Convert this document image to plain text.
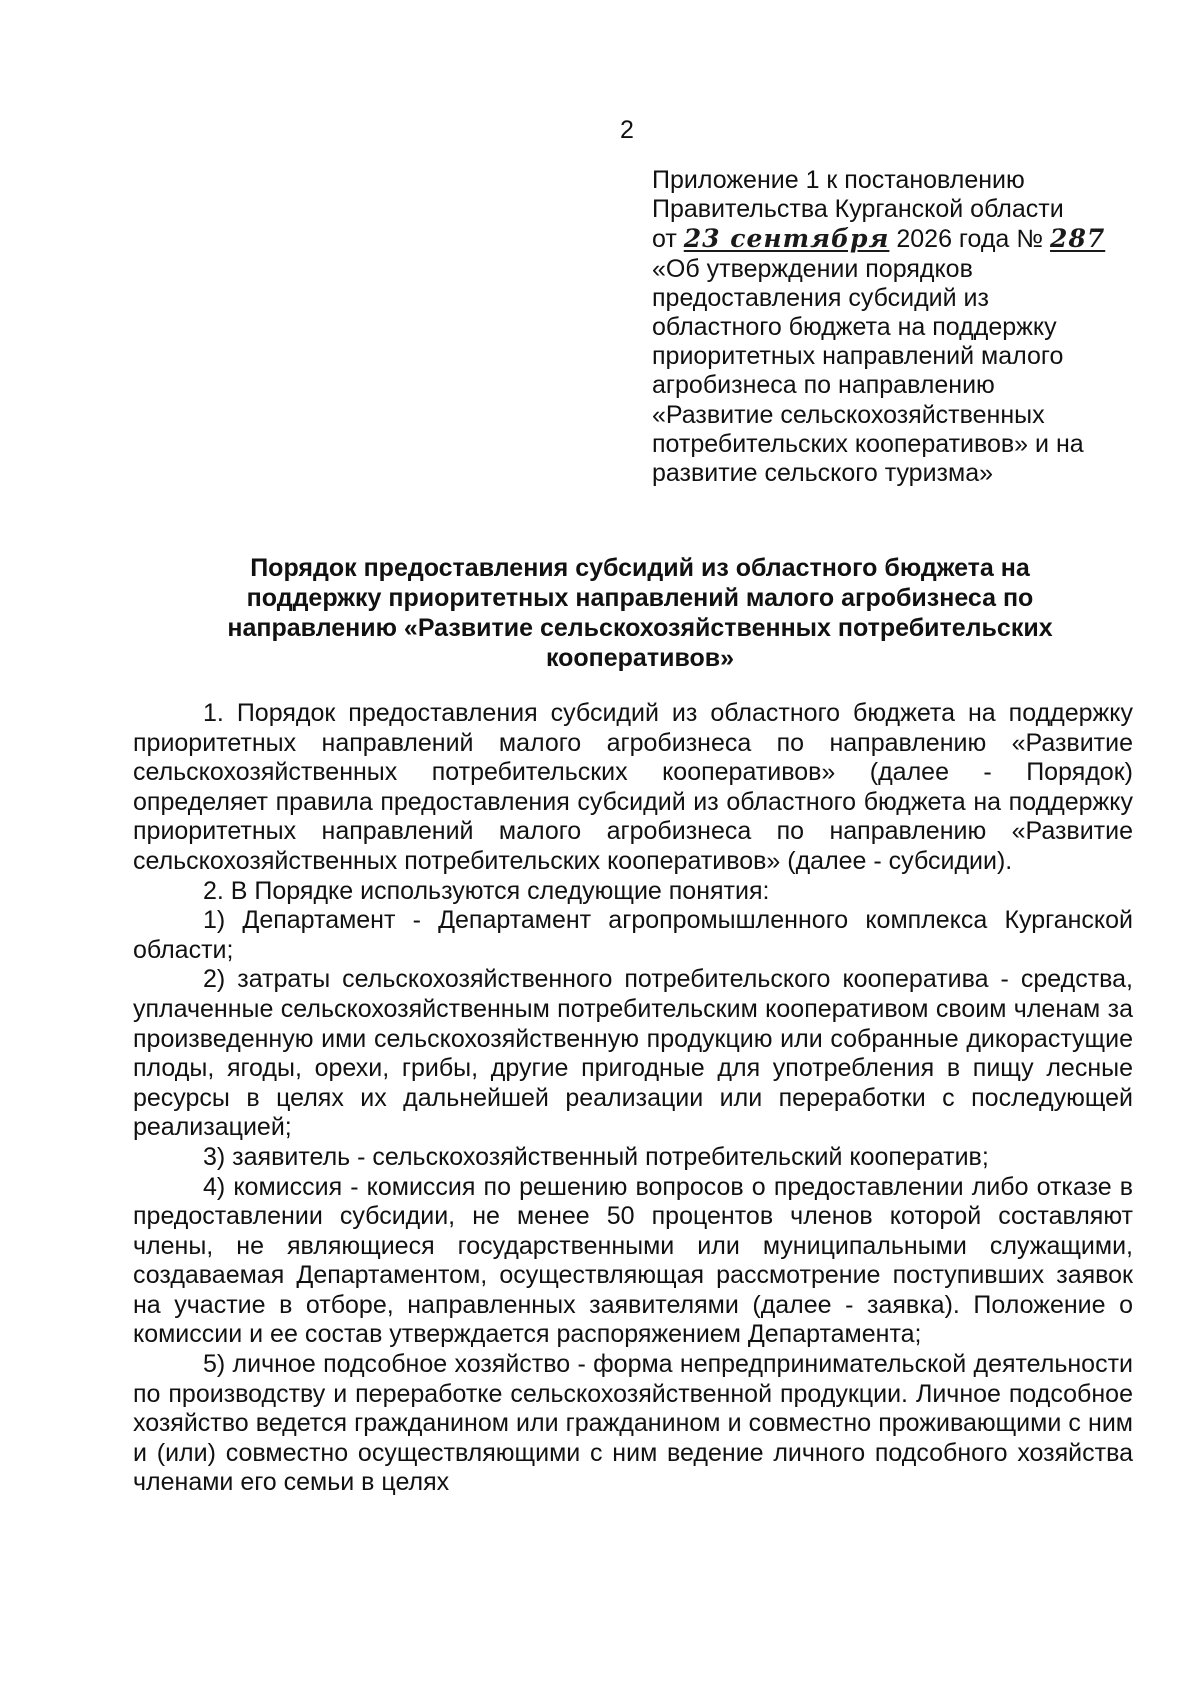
2
Приложение 1 к постановлению
Правительства Курганской области
от 23 сентября 2026 года № 287
«Об утверждении порядков
предоставления субсидий из
областного бюджета на поддержку
приоритетных направлений малого
агробизнеса по направлению
«Развитие сельскохозяйственных
потребительских кооперативов» и на
развитие сельского туризма»
Порядок предоставления субсидий из областного бюджета на
поддержку приоритетных направлений малого агробизнеса по
направлению «Развитие сельскохозяйственных потребительских
кооперативов»

1. Порядок предоставления субсидий из областного бюджета на поддержку приоритетных направлений малого агробизнеса по направлению «Развитие сельскохозяйственных потребительских кооперативов» (далее - Порядок) определяет правила предоставления субсидий из областного бюджета на поддержку приоритетных направлений малого агробизнеса по направлению «Развитие сельскохозяйственных потребительских кооперативов» (далее - субсидии).

2. В Порядке используются следующие понятия:

1) Департамент - Департамент агропромышленного комплекса Курганской области;

2) затраты сельскохозяйственного потребительского кооператива - средства, уплаченные сельскохозяйственным потребительским кооперативом своим членам за произведенную ими сельскохозяйственную продукцию или собранные дикорастущие плоды, ягоды, орехи, грибы, другие пригодные для употребления в пищу лесные ресурсы в целях их дальнейшей реализации или переработки с последующей реализацией;

3) заявитель - сельскохозяйственный потребительский кооператив;

4) комиссия - комиссия по решению вопросов о предоставлении либо отказе в предоставлении субсидии, не менее 50 процентов членов которой составляют члены, не являющиеся государственными или муниципальными служащими, создаваемая Департаментом, осуществляющая рассмотрение поступивших заявок на участие в отборе, направленных заявителями (далее - заявка). Положение о комиссии и ее состав утверждается распоряжением Департамента;

5) личное подсобное хозяйство - форма непредпринимательской деятельности по производству и переработке сельскохозяйственной продукции. Личное подсобное хозяйство ведется гражданином или гражданином и совместно проживающими с ним и (или) совместно осуществляющими с ним ведение личного подсобного хозяйства членами его семьи в целях
